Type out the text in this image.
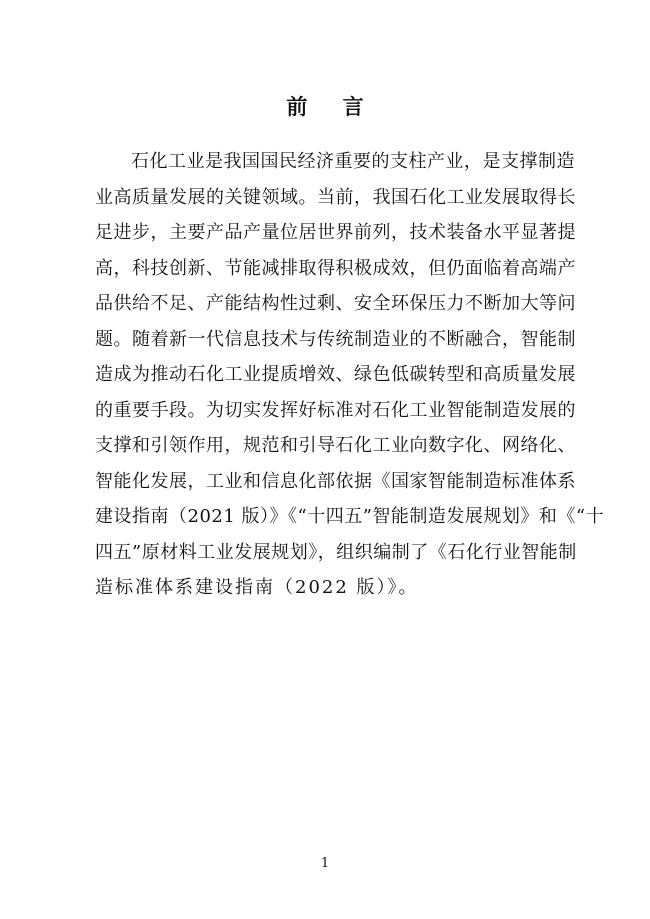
前 言
石化工业是我国国民经济重要的支柱产业，是支撑制造
业高质量发展的关键领域。当前，我国石化工业发展取得长
足进步，主要产品产量位居世界前列，技术装备水平显著提
高，科技创新、节能减排取得积极成效，但仍面临着高端产
品供给不足、产能结构性过剩、安全环保压力不断加大等问
题。随着新一代信息技术与传统制造业的不断融合，智能制
造成为推动石化工业提质增效、绿色低碳转型和高质量发展
的重要手段。为切实发挥好标准对石化工业智能制造发展的
支撑和引领作用，规范和引导石化工业向数字化、网络化、
智能化发展，工业和信息化部依据《国家智能制造标准体系
建设指南（2021 版）》《“十四五”智能制造发展规划》和《“十
四五”原材料工业发展规划》，组织编制了《石化行业智能制
造标准体系建设指南（2022 版）》。
1
